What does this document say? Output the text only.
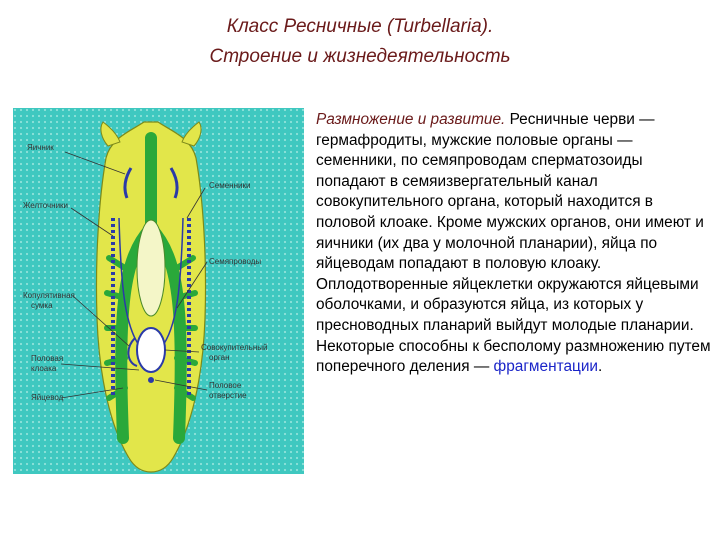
Класс Ресничные (Turbellaria).
Строение и жизнедеятельность
Яичник
Желточники
Копулятивная
сумка
Половая
клоака
Яйцевод
Семенники
Семяпроводы
Совокупительный
орган
Половое
отверстие

Размножение и развитие. Ресничные черви — гермафродиты, мужские половые органы — семенники, по семяпроводам сперматозоиды попадают в семяизвергательный канал совокупительного органа, который находится в половой клоаке. Кроме мужских органов, они имеют и яичники (их два у молочной планарии), яйца по яйцеводам попадают в половую клоаку. Оплодотворенные яйцеклетки окружаются яйцевыми оболочками, и образуются яйца, из которых у пресноводных планарий выйдут молодые планарии.

Некоторые способны к бесполому размножению путем поперечного деления — фрагментации.
